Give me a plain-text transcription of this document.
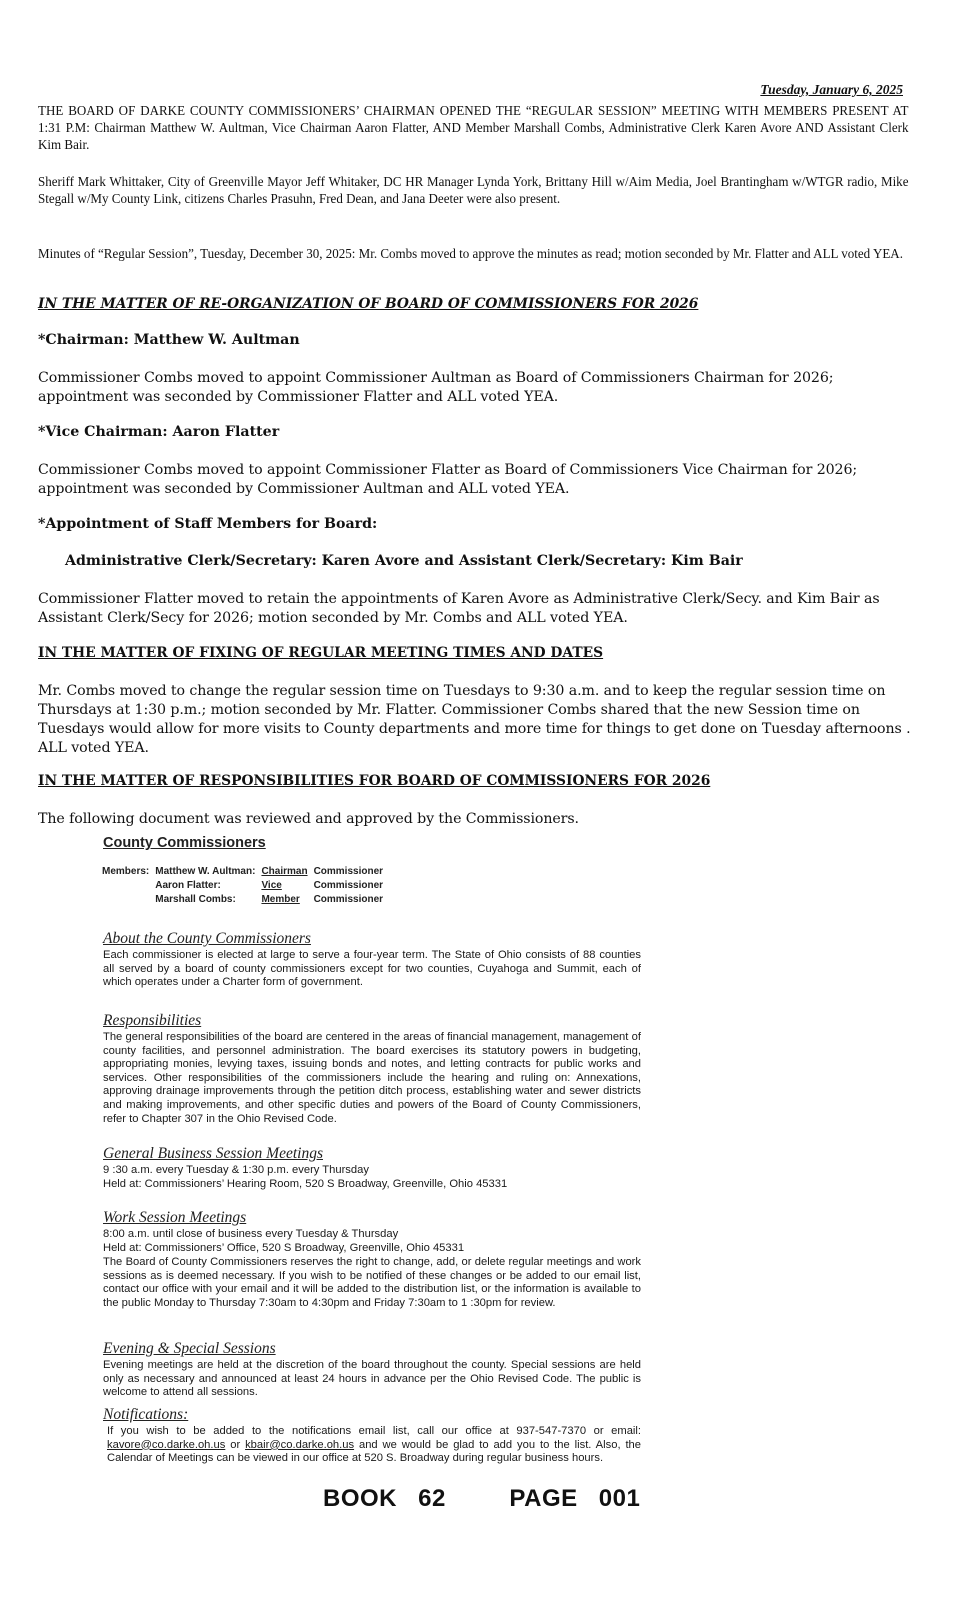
Tuesday, January 6, 2025
THE BOARD OF DARKE COUNTY COMMISSIONERS’ CHAIRMAN OPENED THE “REGULAR SESSION” MEETING WITH MEMBERS PRESENT AT 1:31 P.M: Chairman Matthew W. Aultman, Vice Chairman Aaron Flatter, AND Member Marshall Combs, Administrative Clerk Karen Avore AND Assistant Clerk Kim Bair.
Sheriff Mark Whittaker, City of Greenville Mayor Jeff Whitaker, DC HR Manager Lynda York, Brittany Hill w/Aim Media, Joel Brantingham w/WTGR radio, Mike Stegall w/My County Link, citizens Charles Prasuhn, Fred Dean, and Jana Deeter were also present.
Minutes of “Regular Session”, Tuesday, December 30, 2025: Mr. Combs moved to approve the minutes as read; motion seconded by Mr. Flatter and ALL voted YEA.
IN THE MATTER OF RE-ORGANIZATION OF BOARD OF COMMISSIONERS FOR 2026
*Chairman: Matthew W. Aultman
Commissioner Combs moved to appoint Commissioner Aultman as Board of Commissioners Chairman for 2026; appointment was seconded by Commissioner Flatter and ALL voted YEA.
*Vice Chairman: Aaron Flatter
Commissioner Combs moved to appoint Commissioner Flatter as Board of Commissioners Vice Chairman for 2026; appointment was seconded by Commissioner Aultman and ALL voted YEA.
*Appointment of Staff Members for Board:
Administrative Clerk/Secretary: Karen Avore and Assistant Clerk/Secretary: Kim Bair
Commissioner Flatter moved to retain the appointments of Karen Avore as Administrative Clerk/Secy. and Kim Bair as Assistant Clerk/Secy for 2026; motion seconded by Mr. Combs and ALL voted YEA.
IN THE MATTER OF FIXING OF REGULAR MEETING TIMES AND DATES
Mr. Combs moved to change the regular session time on Tuesdays to 9:30 a.m. and to keep the regular session time on Thursdays at 1:30 p.m.; motion seconded by Mr. Flatter. Commissioner Combs shared that the new Session time on Tuesdays would allow for more visits to County departments and more time for things to get done on Tuesday afternoons . ALL voted YEA.
IN THE MATTER OF RESPONSIBILITIES FOR BOARD OF COMMISSIONERS FOR 2026
The following document was reviewed and approved by the Commissioners.
County Commissioners
Members:	Matthew W. Aultman:	Chairman	Commissioner
	Aaron Flatter:	Vice	Commissioner
	Marshall Combs:	Member	Commissioner
About the County Commissioners
Each commissioner is elected at large to serve a four-year term. The State of Ohio consists of 88 counties all served by a board of county commissioners except for two counties, Cuyahoga and Summit, each of which operates under a Charter form of government.
Responsibilities
The general responsibilities of the board are centered in the areas of financial management, management of county facilities, and personnel administration. The board exercises its statutory powers in budgeting, appropriating monies, levying taxes, issuing bonds and notes, and letting contracts for public works and services. Other responsibilities of the commissioners include the hearing and ruling on: Annexations, approving drainage improvements through the petition ditch process, establishing water and sewer districts and making improvements, and other specific duties and powers of the Board of County Commissioners, refer to Chapter 307 in the Ohio Revised Code.
General Business Session Meetings
9 :30 a.m. every Tuesday & 1:30 p.m. every Thursday
Held at: Commissioners’ Hearing Room, 520 S Broadway, Greenville, Ohio 45331
Work Session Meetings
8:00 a.m. until close of business every Tuesday & Thursday
Held at: Commissioners’ Office, 520 S Broadway, Greenville, Ohio 45331
The Board of County Commissioners reserves the right to change, add, or delete regular meetings and work sessions as is deemed necessary. If you wish to be notified of these changes or be added to our email list, contact our office with your email and it will be added to the distribution list, or the information is available to the public Monday to Thursday 7:30am to 4:30pm and Friday 7:30am to 1 :30pm for review.
Evening & Special Sessions
Evening meetings are held at the discretion of the board throughout the county. Special sessions are held only as necessary and announced at least 24 hours in advance per the Ohio Revised Code. The public is welcome to attend all sessions.
Notifications:
If you wish to be added to the notifications email list, call our office at 937-547-7370 or email: kavore@co.darke.oh.us or kbair@co.darke.oh.us and we would be glad to add you to the list. Also, the Calendar of Meetings can be viewed in our office at 520 S. Broadway during regular business hours.
BOOK 62	PAGE 001
